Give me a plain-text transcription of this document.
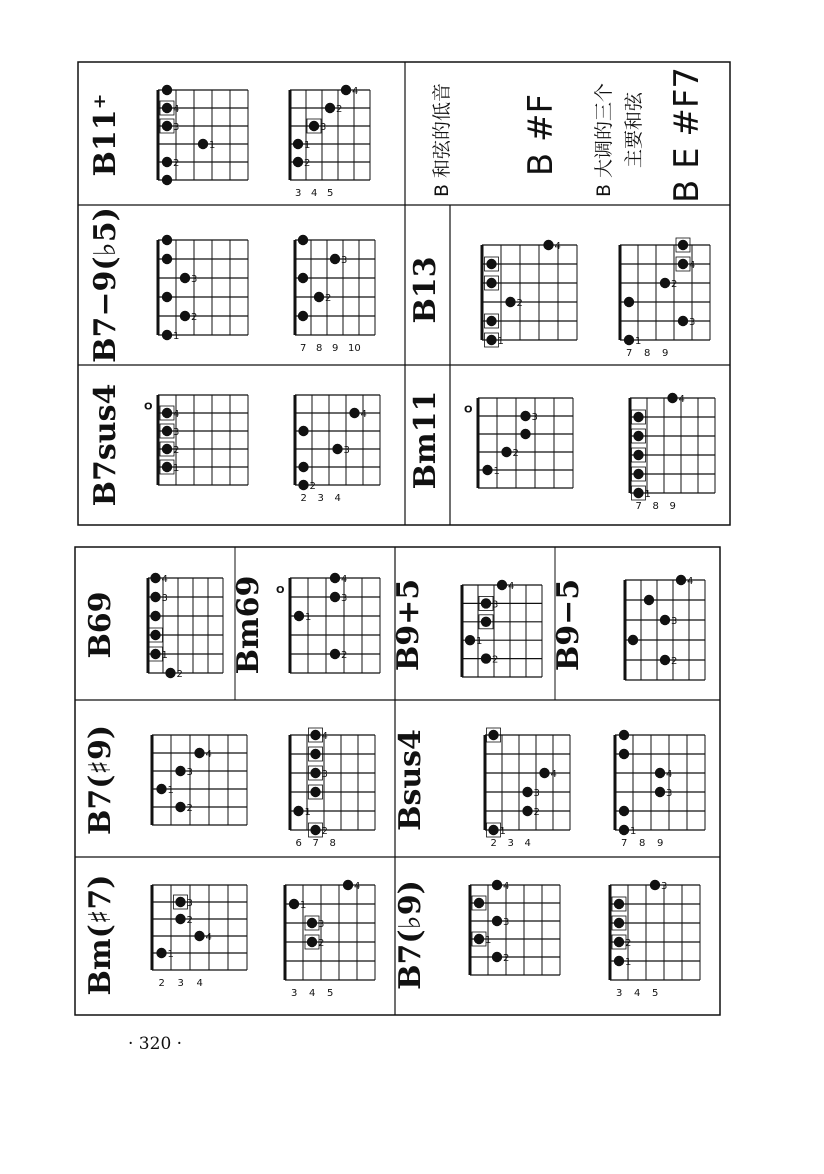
B11⁺	4
3
1
2
3 4 5
4
2
3
1
2
B7−9(♭5)	3
2
1
7 8 9 10
3
2
B7sus4 O
4
3
2
1
2 3 4
4
3
2
B 和弦的低音 B #F B 大调的三个 主要和弦 B E #F7
B13
4
2
1
7 8 9
4
2
3
1
Bm11 O
3
2
1
7 8 9
4
1
B69
4
3
1
2
Bm69 O
4
3
1
2 B9+5	4
3
1
2 B9−5	4
3
2
B7(♯9)	4
3
1
2
6 7 8
4
3
1
2
Bsus4
2 3 4
4
3
2
1
7 8 9
4
3
1
Bm(♯7)	2 3 4
3
2
4
1
3 4 5
4
1
3
2 B7(♭9)	4
3
1
2
3 4 5
3
2
1
· 320 ·
